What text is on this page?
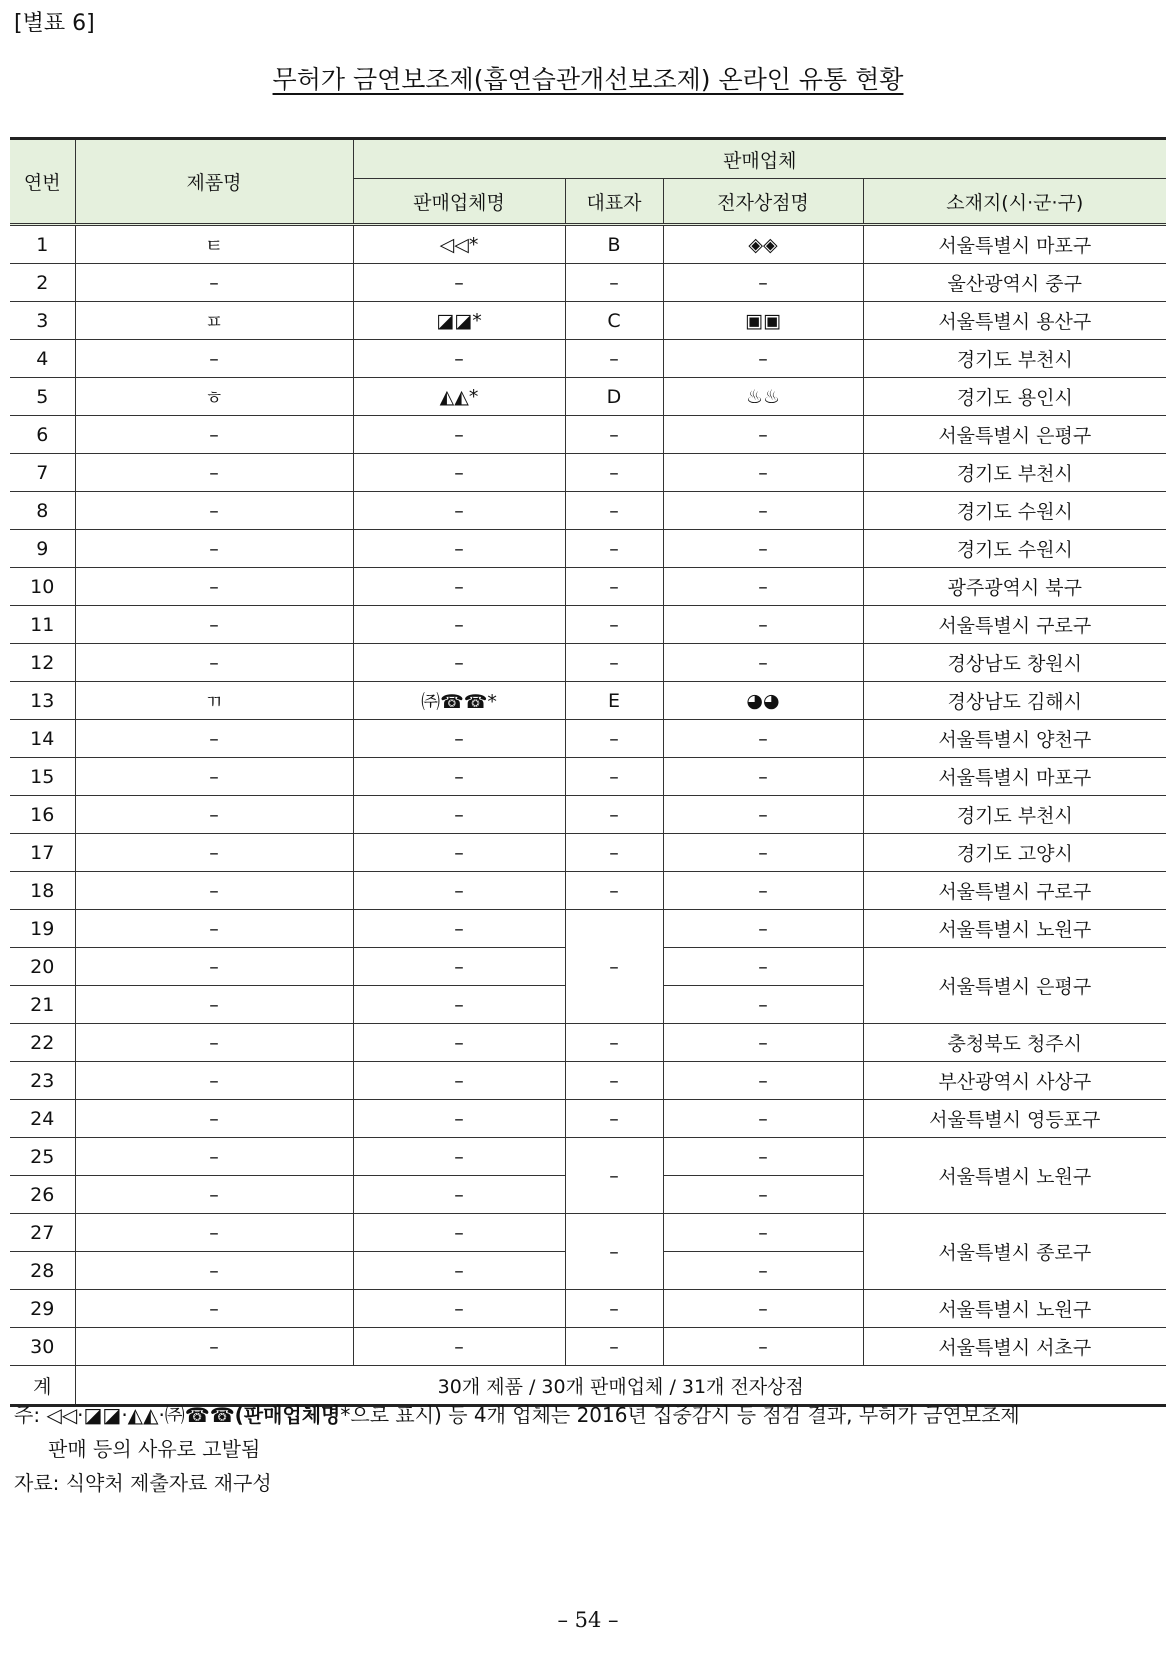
[별표 6]
무허가 금연보조제(흡연습관개선보조제) 온라인 유통 현황
연번	제품명	판매업체			
		판매업체명	대표자	전자상점명	소재지(시·군·구)
1	ㅌ	◁◁*	B	◈◈	서울특별시 마포구
2	–	–	–	–	울산광역시 중구
3	ㅍ	◪◪*	C	▣▣	서울특별시 용산구
4	–	–	–	–	경기도 부천시
5	ㅎ	◭◭*	D	♨♨	경기도 용인시
6	–	–	–	–	서울특별시 은평구
7	–	–	–	–	경기도 부천시
8	–	–	–	–	경기도 수원시
9	–	–	–	–	경기도 수원시
10	–	–	–	–	광주광역시 북구
11	–	–	–	–	서울특별시 구로구
12	–	–	–	–	경상남도 창원시
13	ㄲ	㈜☎☎*	E	◕◕	경상남도 김해시
14	–	–	–	–	서울특별시 양천구
15	–	–	–	–	서울특별시 마포구
16	–	–	–	–	경기도 부천시
17	–	–	–	–	경기도 고양시
18	–	–	–	–	서울특별시 구로구
19	–	–	–	–	서울특별시 노원구
20	–	–		–	서울특별시 은평구
21	–	–		–	
22	–	–	–	–	충청북도 청주시
23	–	–	–	–	부산광역시 사상구
24	–	–	–	–	서울특별시 영등포구
25	–	–	–	–	서울특별시 노원구
26	–	–		–	
27	–	–	–	–	서울특별시 종로구
28	–	–		–	
29	–	–	–	–	서울특별시 노원구
30	–	–	–	–	서울특별시 서초구
계	30개 제품 / 30개 판매업체 / 31개 전자상점				
주: ◁◁·◪◪·◭◭·㈜☎☎(판매업체명*으로 표시) 등 4개 업체는 2016년 집중감시 등 점검 결과, 무허가 금연보조제
판매 등의 사유로 고발됨
자료: 식약처 제출자료 재구성
– 54 –
